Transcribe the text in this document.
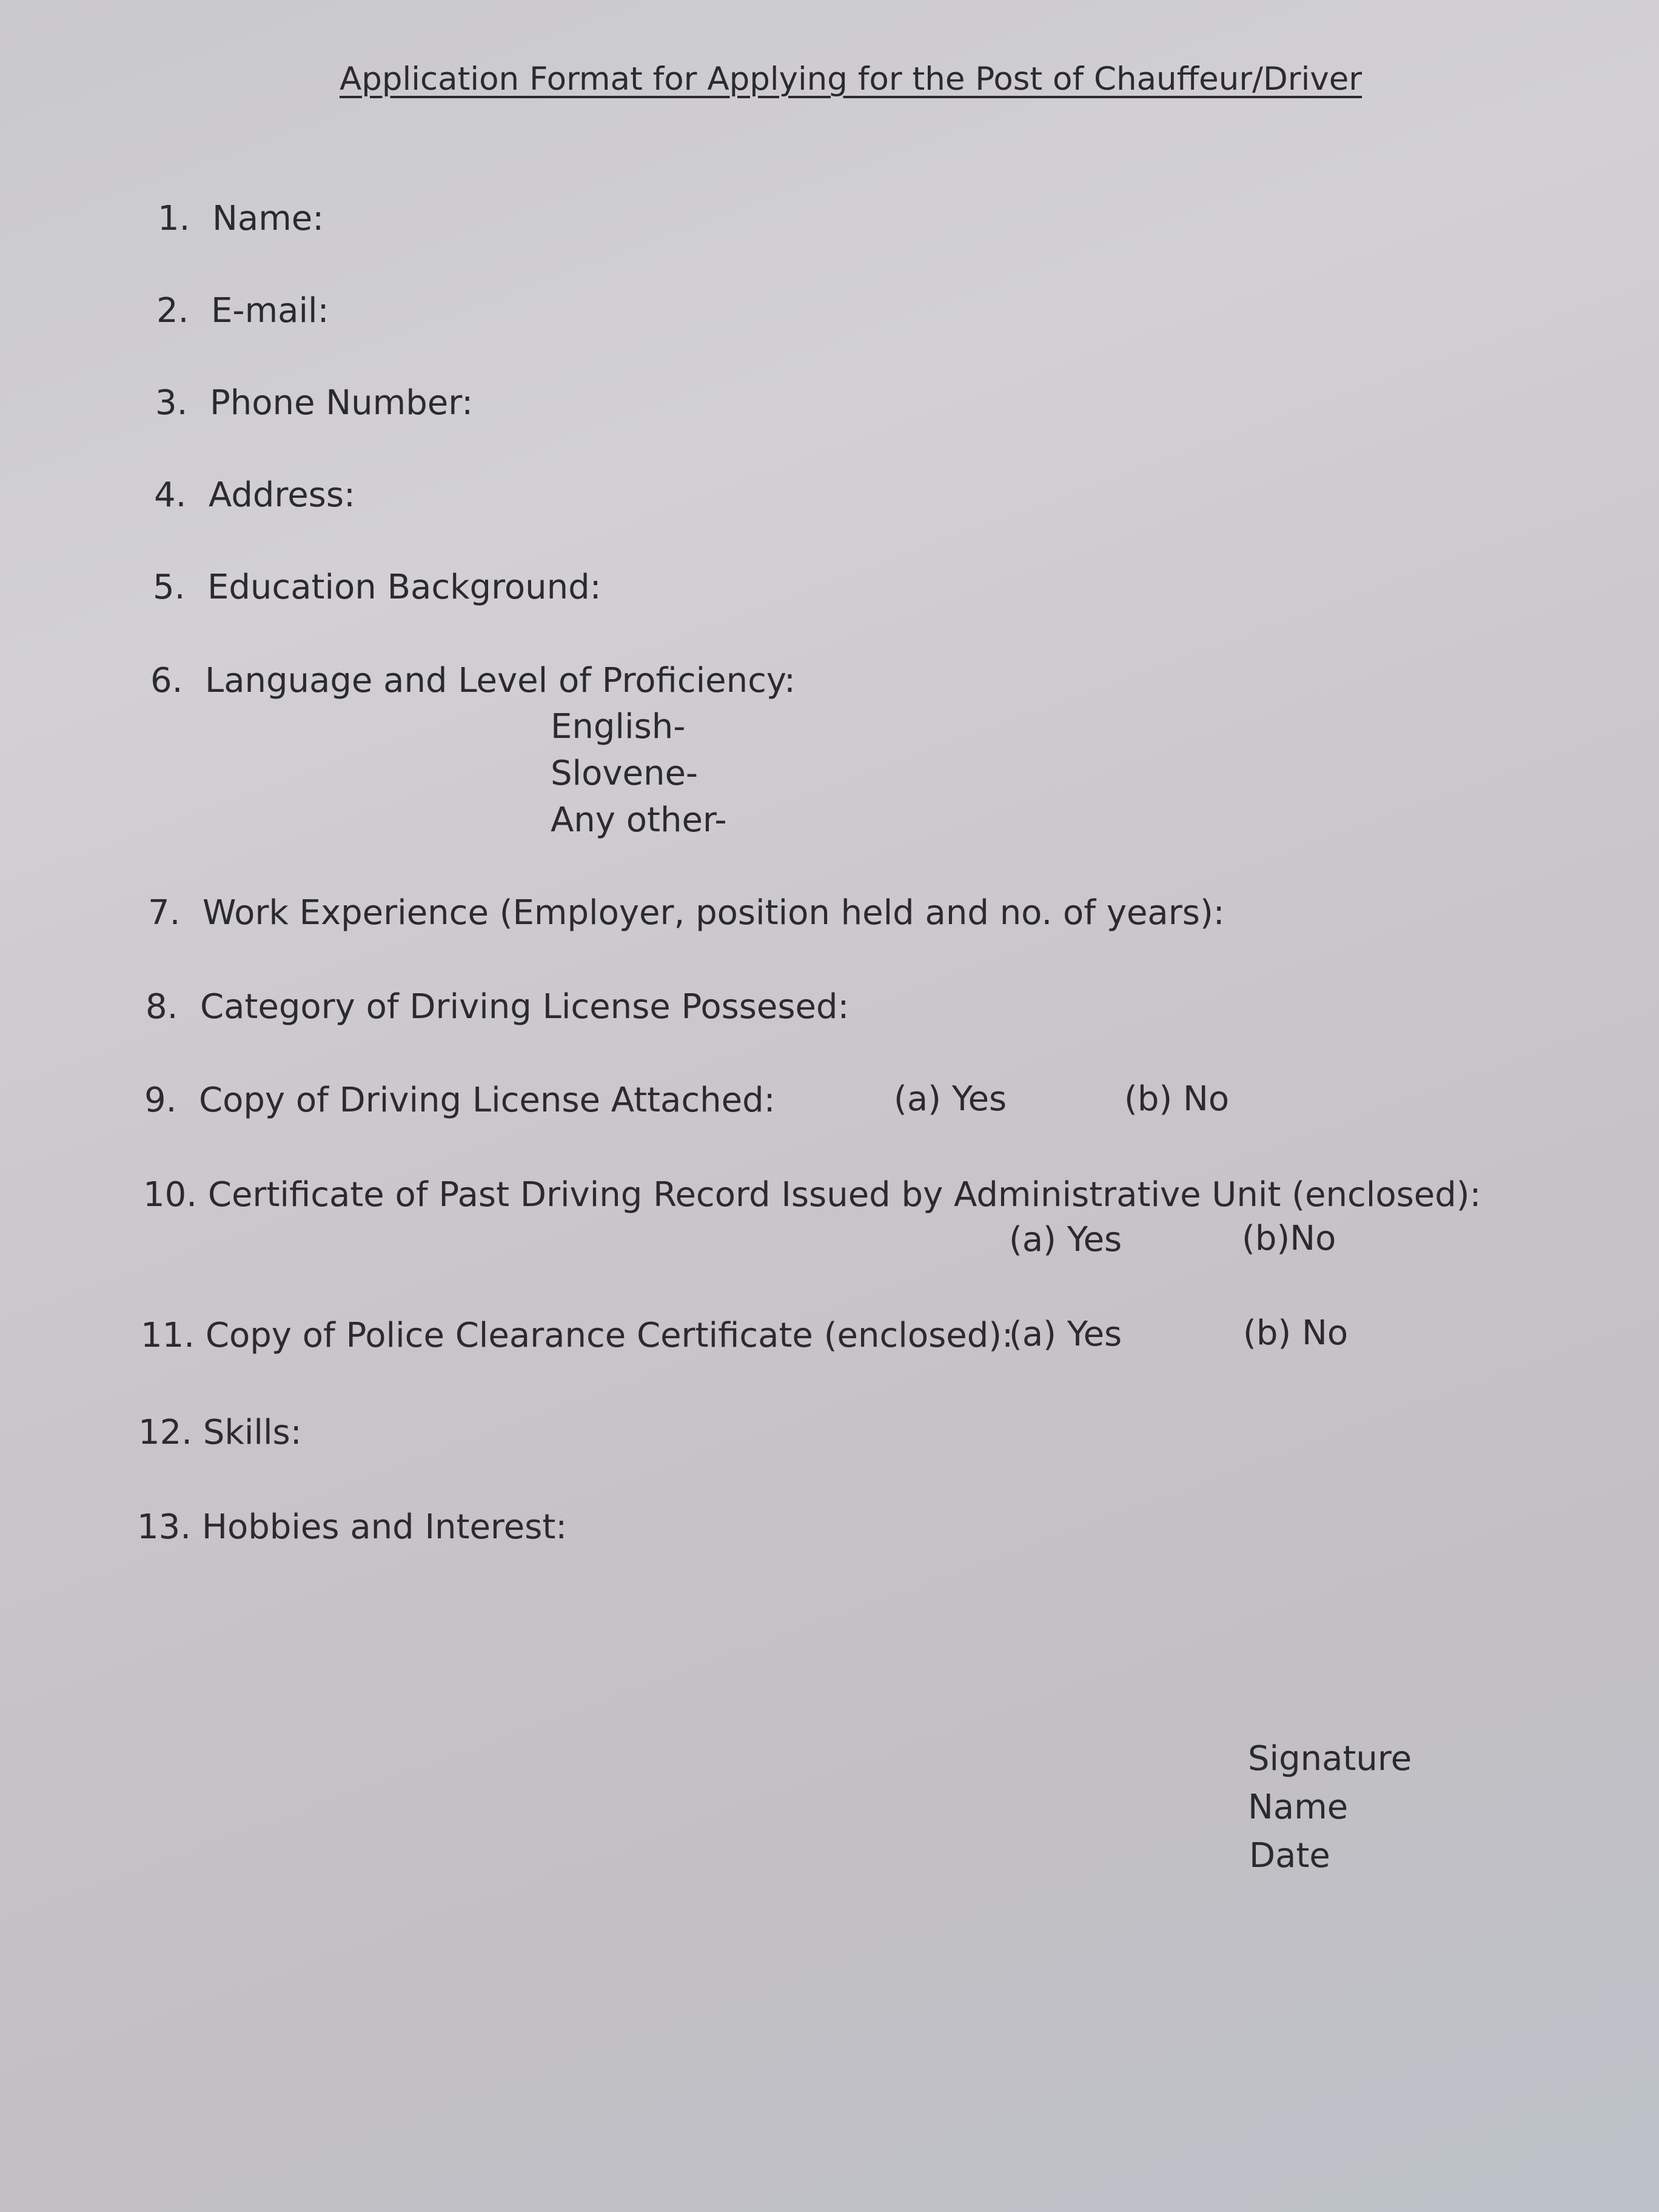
Application Format for Applying for the Post of Chauffeur/Driver
1. Name:
2. E-mail:
3. Phone Number:
4. Address:
5. Education Background:
6. Language and Level of Proficiency:
English-
Slovene-
Any other-
7. Work Experience (Employer, position held and no. of years):
8. Category of Driving License Possesed:
9. Copy of Driving License Attached:	(a) Yes	(b) No
10. Certificate of Past Driving Record Issued by Administrative Unit (enclosed):
(a) Yes	(b)No
11. Copy of Police Clearance Certificate (enclosed):
(a) Yes	(b) No
12. Skills:
13. Hobbies and Interest:
Signature
Name
Date
